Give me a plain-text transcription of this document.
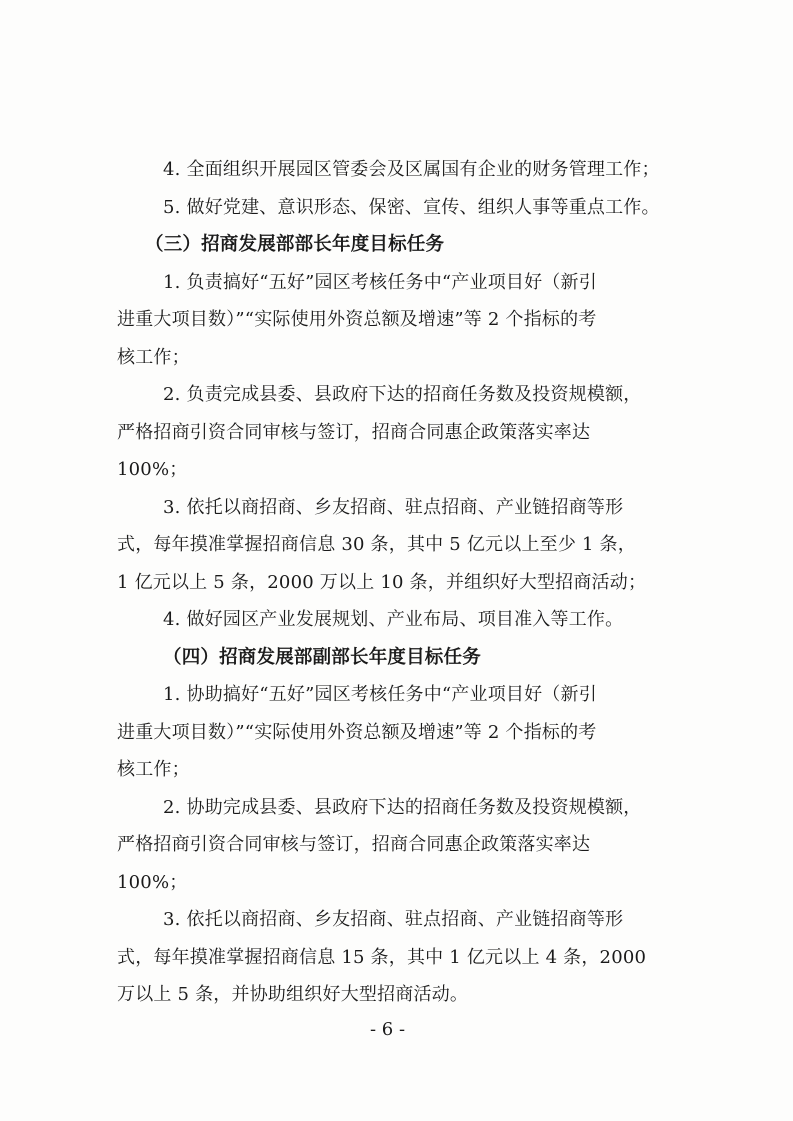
4. 全面组织开展园区管委会及区属国有企业的财务管理工作；
5. 做好党建、意识形态、保密、宣传、组织人事等重点工作。
（三）招商发展部部长年度目标任务
1. 负责搞好“五好”园区考核任务中“产业项目好（新引
进重大项目数）”“实际使用外资总额及增速”等 2 个指标的考
核工作；
2. 负责完成县委、县政府下达的招商任务数及投资规模额，
严格招商引资合同审核与签订，招商合同惠企政策落实率达
100%；
3. 依托以商招商、乡友招商、驻点招商、产业链招商等形
式，每年摸准掌握招商信息 30 条，其中 5 亿元以上至少 1 条，
1 亿元以上 5 条，2000 万以上 10 条，并组织好大型招商活动；
4. 做好园区产业发展规划、产业布局、项目准入等工作。
（四）招商发展部副部长年度目标任务
1. 协助搞好“五好”园区考核任务中“产业项目好（新引
进重大项目数）”“实际使用外资总额及增速”等 2 个指标的考
核工作；
2. 协助完成县委、县政府下达的招商任务数及投资规模额，
严格招商引资合同审核与签订，招商合同惠企政策落实率达
100%；
3. 依托以商招商、乡友招商、驻点招商、产业链招商等形
式，每年摸准掌握招商信息 15 条，其中 1 亿元以上 4 条，2000
万以上 5 条，并协助组织好大型招商活动。
- 6 -
